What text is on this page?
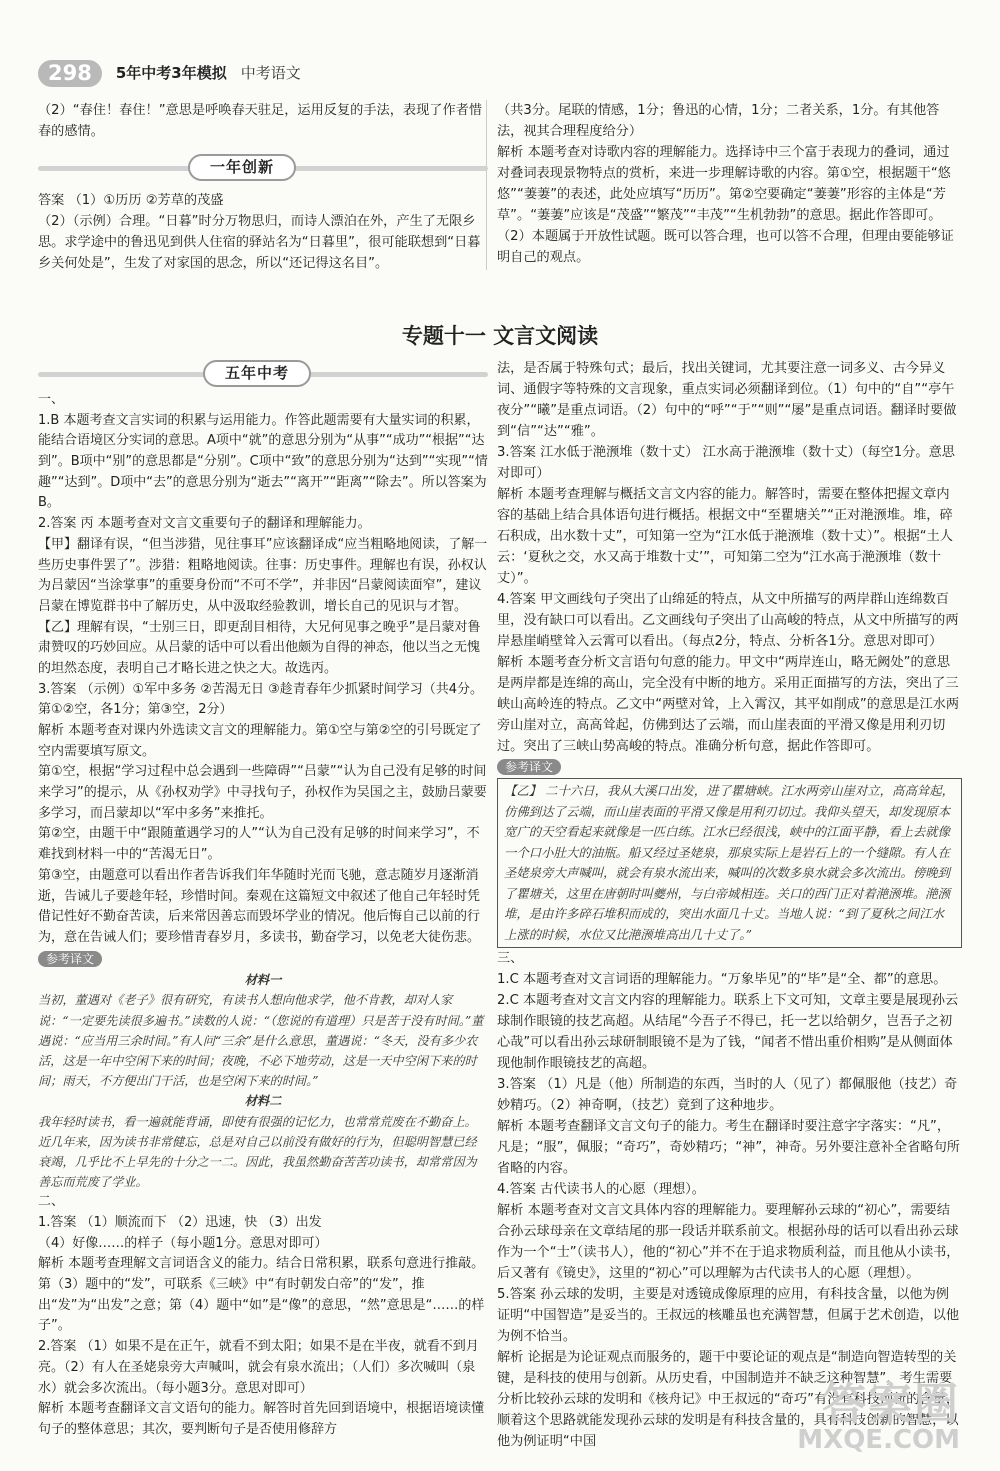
298	5年中考3年模拟 中考语文

（2）“春住！春住！”意思是呼唤春天驻足，运用反复的手法，表现了作者惜春的感情。

一年创新

答案 （1）①历历 ②芳草的茂盛

（2）（示例）合理。“日暮”时分万物思归，而诗人漂泊在外，产生了无限乡思。求学途中的鲁迅见到供人住宿的驿站名为“日暮里”，很可能联想到“日暮乡关何处是”，生发了对家国的思念，所以“还记得这名目”。

（共3分。尾联的情感，1分；鲁迅的心情，1分；二者关系，1分。有其他答法，视其合理程度给分）

解析 本题考查对诗歌内容的理解能力。选择诗中三个富于表现力的叠词，通过对叠词表现景物特点的赏析，来进一步理解诗歌的内容。第①空，根据题干“悠悠”“萋萋”的表述，此处应填写“历历”。第②空要确定“萋萋”形容的主体是“芳草”。“萋萋”应该是“茂盛”“繁茂”“丰茂”“生机勃勃”的意思。据此作答即可。（2）本题属于开放性试题。既可以答合理，也可以答不合理，但理由要能够证明自己的观点。

专题十一 文言文阅读
五年中考

一、

1.B 本题考查文言实词的积累与运用能力。作答此题需要有大量实词的积累，能结合语境区分实词的意思。A项中“就”的意思分别为“从事”“成功”“根据”“达到”。B项中“别”的意思都是“分别”。C项中“致”的意思分别为“达到”“实现”“情趣”“达到”。D项中“去”的意思分别为“逝去”“离开”“距离”“除去”。所以答案为B。

2.答案 丙 本题考查对文言文重要句子的翻译和理解能力。

【甲】翻译有误，“但当涉猎，见往事耳”应该翻译成“应当粗略地阅读，了解一些历史事件罢了”。涉猎：粗略地阅读。往事：历史事件。理解也有误，孙权认为吕蒙因“当涂掌事”的重要身份而“不可不学”，并非因“吕蒙阅读面窄”，建议吕蒙在博览群书中了解历史，从中汲取经验教训，增长自己的见识与才智。

【乙】理解有误，“士别三日，即更刮目相待，大兄何见事之晚乎”是吕蒙对鲁肃赞叹的巧妙回应。从吕蒙的话中可以看出他颇为自得的神态，他以当之无愧的坦然态度，表明自己才略长进之快之大。故选丙。

3.答案 （示例）①军中多务 ②苦渴无日 ③趁青春年少抓紧时间学习（共4分。第①②空，各1分；第③空，2分）

解析 本题考查对课内外选读文言文的理解能力。第①空与第②空的引号既定了空内需要填写原文。

第①空，根据“学习过程中总会遇到一些障碍”“吕蒙”“认为自己没有足够的时间来学习”的提示，从《孙权劝学》中寻找句子，孙权作为吴国之主，鼓励吕蒙要多学习，而吕蒙却以“军中多务”来推托。

第②空，由题干中“跟随董遇学习的人”“认为自己没有足够的时间来学习”，不难找到材料一中的“苦渴无日”。

第③空，由题意可以看出作者告诉我们年华随时光而飞驰，意志随岁月逐渐消逝，告诫儿子要趁年轻，珍惜时间。秦观在这篇短文中叙述了他自己年轻时凭借记性好不勤奋苦读，后来常因善忘而毁坏学业的情况。他后悔自己以前的行为，意在告诫人们；要珍惜青春岁月，多读书，勤奋学习，以免老大徒伤悲。

参考译文

材料一

当初，董遇对《老子》很有研究，有读书人想向他求学，他不肯教，却对人家说：“一定要先读很多遍书。”读数的人说：“（您说的有道理）只是苦于没有时间。”董遇说：“应当用三余时间。”有人问“三余”是什么意思，董遇说：“冬天，没有多少农活，这是一年中空闲下来的时间；夜晚，不必下地劳动，这是一天中空闲下来的时间；雨天，不方便出门干活，也是空闲下来的时间。”

材料二

我年轻时读书，看一遍就能背诵，即使有很强的记忆力，也常常荒废在不勤奋上。近几年来，因为读书非常健忘，总是对自己以前没有做好的行为，但聪明智慧已经衰竭，几乎比不上早先的十分之一二。因此，我虽然勤奋苦苦功读书，却常常因为善忘而荒废了学业。

二、

1.答案 （1）顺流而下 （2）迅速，快 （3）出发

（4）好像……的样子（每小题1分。意思对即可）

解析 本题考查理解文言词语含义的能力。结合日常积累，联系句意进行推敲。第（3）题中的“发”，可联系《三峡》中“有时朝发白帝”的“发”，推出“发”为“出发”之意；第（4）题中“如”是“像”的意思，“然”意思是“……的样子”。

2.答案 （1）如果不是在正午，就看不到太阳；如果不是在半夜，就看不到月亮。（2）有人在圣姥泉旁大声喊叫，就会有泉水流出；（人们）多次喊叫（泉水）就会多次流出。（每小题3分。意思对即可）

解析 本题考查翻译文言文语句的能力。解答时首先回到语境中，根据语境读懂句子的整体意思；其次，要判断句子是否使用修辞方

法，是否属于特殊句式；最后，找出关键词，尤其要注意一词多义、古今异义词、通假字等特殊的文言现象，重点实词必须翻译到位。（1）句中的“自”“亭午夜分”“曦”是重点词语。（2）句中的“呼”“于”“则”“屡”是重点词语。翻译时要做到“信”“达”“雅”。

3.答案 江水低于滟滪堆（数十丈） 江水高于滟滪堆（数十丈）（每空1分。意思对即可）

解析 本题考查理解与概括文言文内容的能力。解答时，需要在整体把握文章内容的基础上结合具体语句进行概括。根据文中“至瞿塘关”“正对滟滪堆。堆，碎石积成，出水数十丈”，可知第一空为“江水低于滟滪堆（数十丈）”。根据“土人云：‘夏秋之交，水又高于堆数十丈’”，可知第二空为“江水高于滟滪堆（数十丈）”。

4.答案 甲文画线句子突出了山绵延的特点，从文中所描写的两岸群山连绵数百里，没有缺口可以看出。乙文画线句子突出了山高峻的特点，从文中所描写的两岸悬崖峭壁耸入云霄可以看出。（每点2分，特点、分析各1分。意思对即可）

解析 本题考查分析文言语句句意的能力。甲文中“两岸连山，略无阙处”的意思是两岸都是连绵的高山，完全没有中断的地方。采用正面描写的方法，突出了三峡山高岭连的特点。乙文中“两壁对耸，上入霄汉，其平如削成”的意思是江水两旁山崖对立，高高耸起，仿佛到达了云端，而山崖表面的平滑又像是用利刃切过。突出了三峡山势高峻的特点。准确分析句意，据此作答即可。

参考译文

【乙】 二十六日，我从大溪口出发，进了瞿塘峡。江水两旁山崖对立，高高耸起，仿佛到达了云端，而山崖表面的平滑又像是用利刃切过。我仰头望天，却发现原本宽广的天空看起来就像是一匹白练。江水已经很浅，峡中的江面平静，看上去就像一个口小肚大的油瓶。船又经过圣姥泉，那泉实际上是岩石上的一个缝隙。有人在圣姥泉旁大声喊叫，就会有泉水流出来，喊叫的次数多泉水就会多次流出。傍晚到了瞿塘关，这里在唐朝时叫夔州，与白帝城相连。关口的西门正对着滟滪堆。滟滪堆，是由许多碎石堆积而成的，突出水面几十丈。当地人说：“到了夏秋之间江水上涨的时候，水位又比滟滪堆高出几十丈了。”

三、

1.C 本题考查对文言词语的理解能力。“万象毕见”的“毕”是“全、都”的意思。

2.C 本题考查对文言文内容的理解能力。联系上下文可知，文章主要是展现孙云球制作眼镜的技艺高超。从结尾“今吾子不得已，托一艺以给朝夕，岂吾子之初心哉”可以看出孙云球研制眼镜不是为了钱，“闻者不惜出重价相购”是从侧面体现他制作眼镜技艺的高超。

3.答案 （1）凡是（他）所制造的东西，当时的人（见了）都佩服他（技艺）奇妙精巧。（2）神奇啊，（技艺）竟到了这种地步。

解析 本题考查翻译文言文句子的能力。考生在翻译时要注意字字落实：“凡”，凡是；“服”，佩服；“奇巧”，奇妙精巧；“神”，神奇。另外要注意补全省略句所省略的内容。

4.答案 古代读书人的心愿（理想）。

解析 本题考查对文言文具体内容的理解能力。要理解孙云球的“初心”，需要结合孙云球母亲在文章结尾的那一段话并联系前文。根据孙母的话可以看出孙云球作为一个“士”（读书人），他的“初心”并不在于追求物质利益，而且他从小读书，后又著有《镜史》，这里的“初心”可以理解为古代读书人的心愿（理想）。

5.答案 孙云球的发明，主要是对透镜成像原理的应用，有科技含量，以他为例证明“中国智造”是妥当的。王叔远的核雕虽也充满智慧，但属于艺术创造，以他为例不恰当。

解析 论据是为论证观点而服务的，题干中要论证的观点是“制造向智造转型的关键，是科技的使用与创新。从历史看，中国制造并不缺乏这种智慧”，考生需要分析比较孙云球的发明和《核舟记》中王叔远的“奇巧”有没有科技创新的含量，顺着这个思路就能发现孙云球的发明是有科技含量的，具有科技创新的智慧，以他为例证明“中国

答案圈
MXQE.COM
